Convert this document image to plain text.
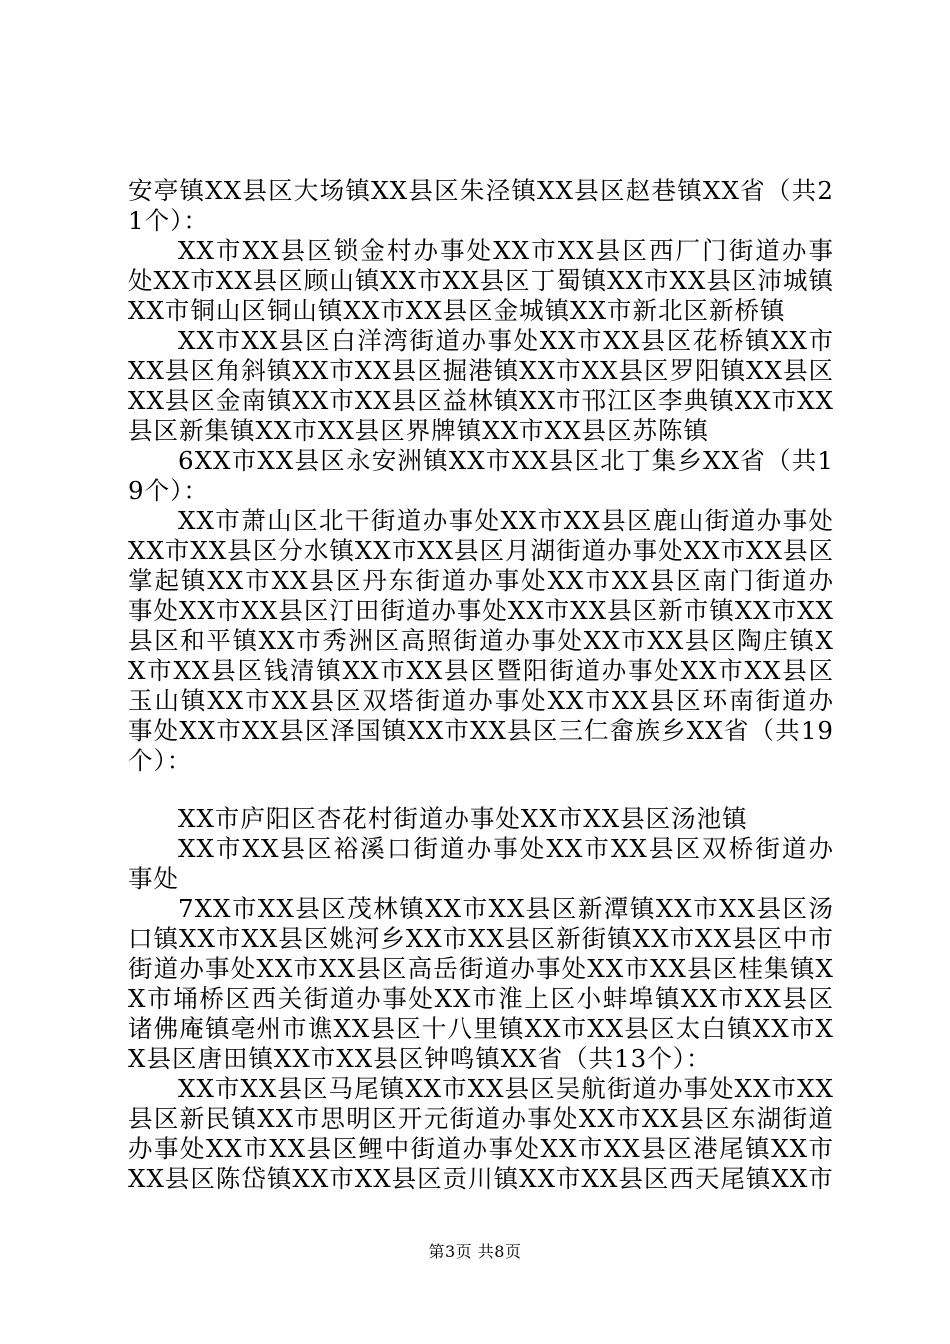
安亭镇XX县区大场镇XX县区朱泾镇XX县区赵巷镇XX省（共21个）：

XX市XX县区锁金村办事处XX市XX县区西厂门街道办事处XX市XX县区顾山镇XX市XX县区丁蜀镇XX市XX县区沛城镇XX市铜山区铜山镇XX市XX县区金城镇XX市新北区新桥镇

XX市XX县区白洋湾街道办事处XX市XX县区花桥镇XX市XX县区角斜镇XX市XX县区掘港镇XX市XX县区罗阳镇XX县区XX县区金南镇XX市XX县区益林镇XX市邗江区李典镇XX市XX县区新集镇XX市XX县区界牌镇XX市XX县区苏陈镇

6XX市XX县区永安洲镇XX市XX县区北丁集乡XX省（共19个）：

XX市萧山区北干街道办事处XX市XX县区鹿山街道办事处XX市XX县区分水镇XX市XX县区月湖街道办事处XX市XX县区掌起镇XX市XX县区丹东街道办事处XX市XX县区南门街道办事处XX市XX县区汀田街道办事处XX市XX县区新市镇XX市XX县区和平镇XX市秀洲区高照街道办事处XX市XX县区陶庄镇XX市XX县区钱清镇XX市XX县区暨阳街道办事处XX市XX县区玉山镇XX市XX县区双塔街道办事处XX市XX县区环南街道办事处XX市XX县区泽国镇XX市XX县区三仁畲族乡XX省（共19个）：

XX市庐阳区杏花村街道办事处XX市XX县区汤池镇

XX市XX县区裕溪口街道办事处XX市XX县区双桥街道办事处

7XX市XX县区茂林镇XX市XX县区新潭镇XX市XX县区汤口镇XX市XX县区姚河乡XX市XX县区新街镇XX市XX县区中市街道办事处XX市XX县区高岳街道办事处XX市XX县区桂集镇XX市埇桥区西关街道办事处XX市淮上区小蚌埠镇XX市XX县区诸佛庵镇亳州市谯XX县区十八里镇XX市XX县区太白镇XX市XX县区唐田镇XX市XX县区钟鸣镇XX省（共13个）：

XX市XX县区马尾镇XX市XX县区吴航街道办事处XX市XX县区新民镇XX市思明区开元街道办事处XX市XX县区东湖街道办事处XX市XX县区鲤中街道办事处XX市XX县区港尾镇XX市XX县区陈岱镇XX市XX县区贡川镇XX市XX县区西天尾镇XX市

第3页 共8页
